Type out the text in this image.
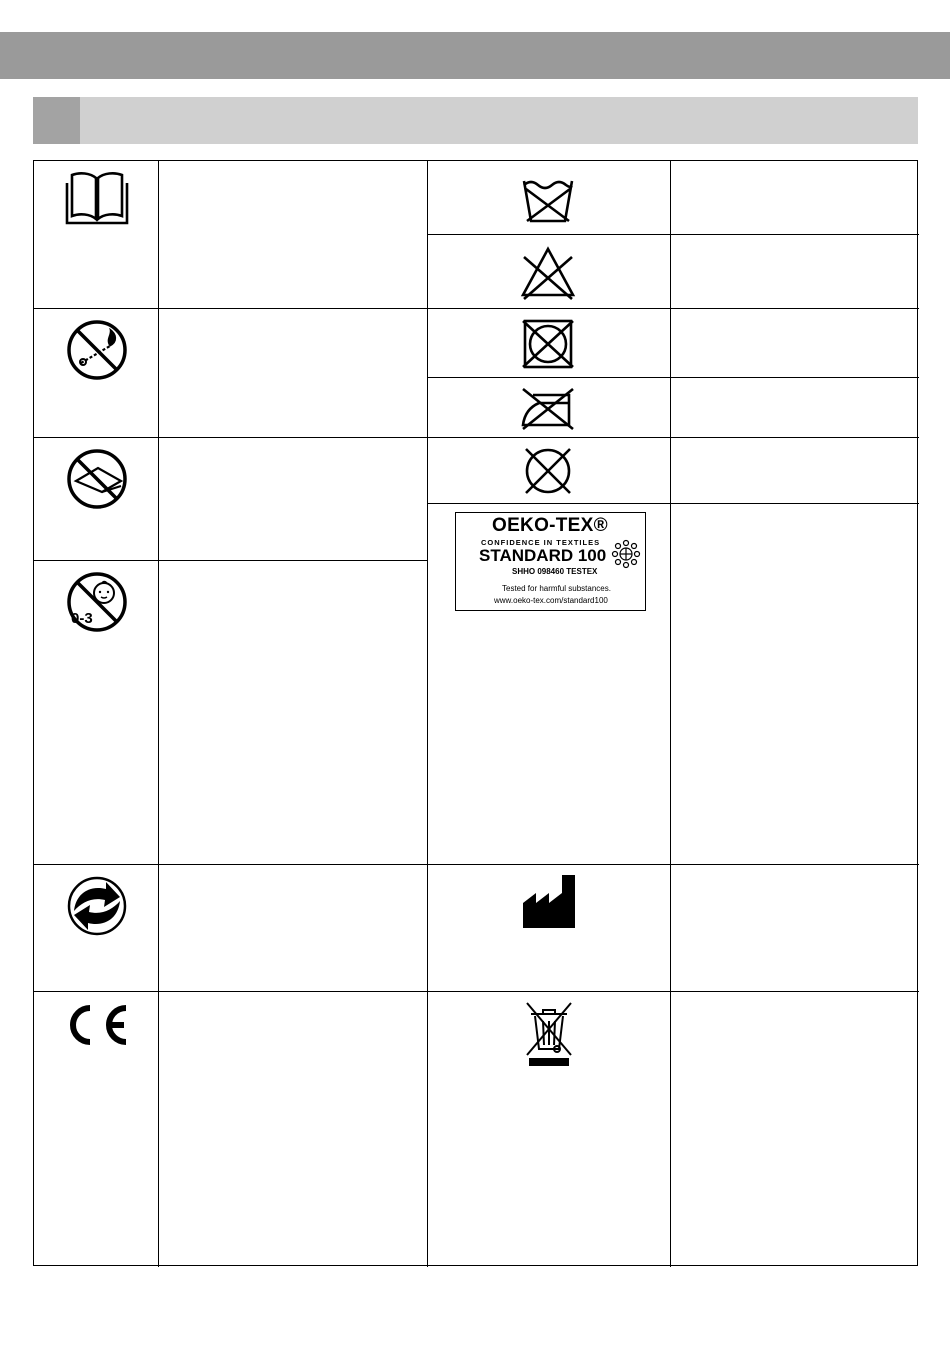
0-3
OEKO-TEX®
CONFIDENCE IN TEXTILES
STANDARD 100
SHHO 098460 TESTEX
Tested for harmful substances.
www.oeko-tex.com/standard100
